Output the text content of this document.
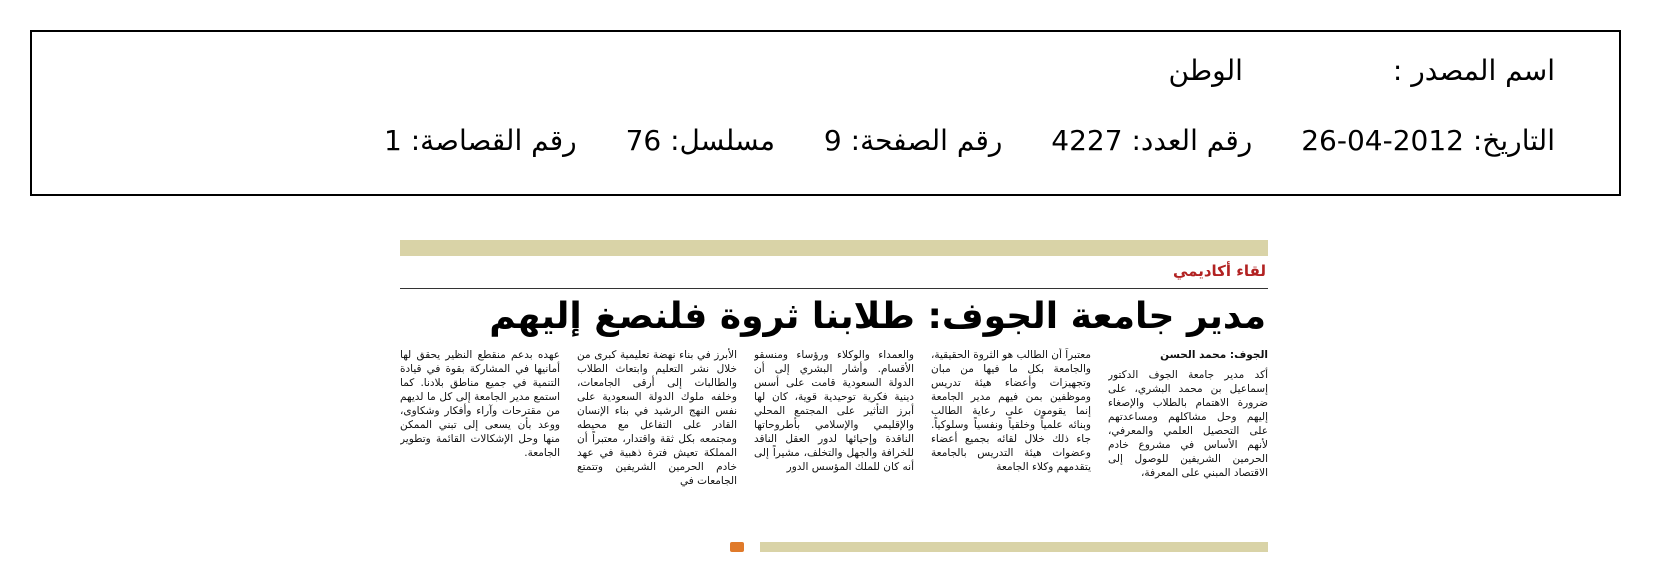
اسم المصدر :الوطن
التاريخ: 2012-04-26 رقم العدد: 4227 رقم الصفحة: 9 مسلسل: 76 رقم القصاصة: 1
لقاء أكاديمي
مدير جامعة الجوف: طلابنا ثروة فلنصغ إليهم
الجوف: محمد الحسن
أكد مدير جامعة الجوف الدكتور إسماعيل بن محمد البشري، على ضرورة الاهتمام بالطلاب والإصغاء إليهم وحل مشاكلهم ومساعدتهم على التحصيل العلمي والمعرفي، لأنهم الأساس في مشروع خادم الحرمين الشريفين للوصول إلى الاقتصاد المبني على المعرفة،
معتبراً أن الطالب هو الثروة الحقيقية، والجامعة بكل ما فيها من مبان وتجهيزات وأعضاء هيئة تدريس وموظفين بمن فيهم مدير الجامعة إنما يقومون على رعاية الطالب وبنائه علمياً وخلقياً ونفسياً وسلوكياً. جاء ذلك خلال لقائه بجميع أعضاء وعضوات هيئة التدريس بالجامعة يتقدمهم وكلاء الجامعة
والعمداء والوكلاء ورؤساء ومنسقو الأقسام. وأشار البشري إلى أن الدولة السعودية قامت على أسس دينية فكرية توحيدية قوية، كان لها أبرز التأثير على المجتمع المحلي والإقليمي والإسلامي بأطروحاتها الناقدة وإحيائها لدور العقل الناقد للخرافة والجهل والتخلف، مشيراً إلى أنه كان للملك المؤسس الدور
الأبرز في بناء نهضة تعليمية كبرى من خلال نشر التعليم وابتعاث الطلاب والطالبات إلى أرقى الجامعات، وخلفه ملوك الدولة السعودية على نفس النهج الرشيد في بناء الإنسان القادر على التفاعل مع محيطه ومجتمعه بكل ثقة واقتدار، معتبراً أن المملكة تعيش فترة ذهبية في عهد خادم الحرمين الشريفين وتتمتع الجامعات في
عهده بدعم منقطع النظير يحقق لها أمانيها في المشاركة بقوة في قيادة التنمية في جميع مناطق بلادنا. كما استمع مدير الجامعة إلى كل ما لديهم من مقترحات وآراء وأفكار وشكاوى، ووعد بأن يسعى إلى تبني الممكن منها وحل الإشكالات القائمة وتطوير الجامعة.
